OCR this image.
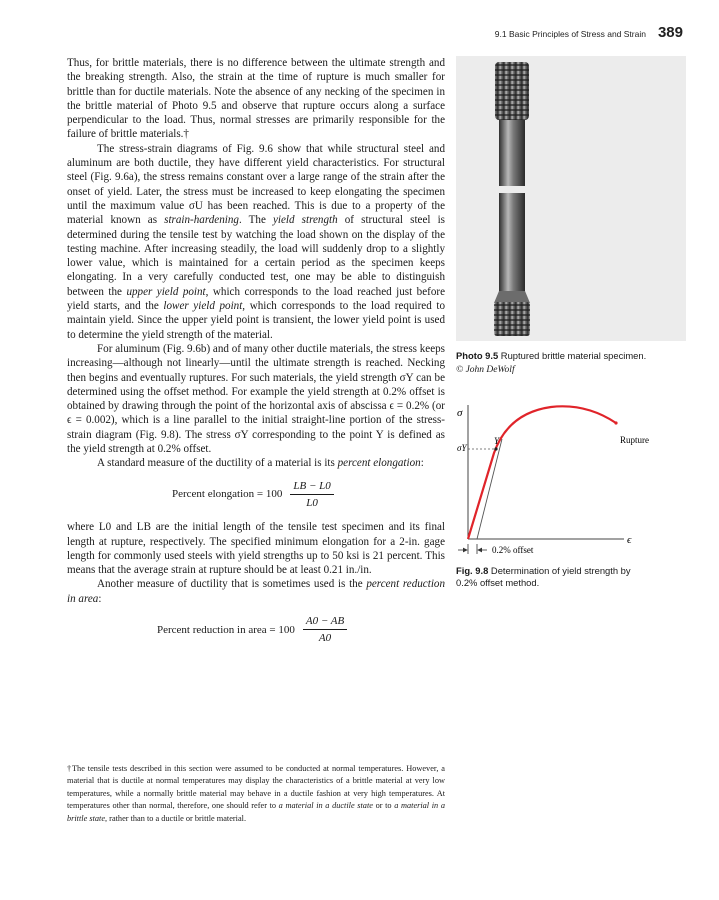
9.1 Basic Principles of Stress and Strain 389

Thus, for brittle materials, there is no difference between the ultimate strength and the breaking strength. Also, the strain at the time of rupture is much smaller for brittle than for ductile materials. Note the absence of any necking of the specimen in the brittle material of Photo 9.5 and observe that rupture occurs along a surface perpendicular to the load. Thus, normal stresses are primarily responsible for the failure of brittle materials.†

The stress-strain diagrams of Fig. 9.6 show that while structural steel and aluminum are both ductile, they have different yield characteristics. For structural steel (Fig. 9.6a), the stress remains constant over a large range of the strain after the onset of yield. Later, the stress must be increased to keep elongating the specimen until the maximum value σU has been reached. This is due to a property of the material known as strain-hardening. The yield strength of structural steel is determined during the tensile test by watching the load shown on the display of the testing machine. After increasing steadily, the load will suddenly drop to a slightly lower value, which is maintained for a certain period as the specimen keeps elongating. In a very carefully conducted test, one may be able to distinguish between the upper yield point, which corresponds to the load reached just before yield starts, and the lower yield point, which corresponds to the load required to maintain yield. Since the upper yield point is transient, the lower yield point is used to determine the yield strength of the material.

For aluminum (Fig. 9.6b) and of many other ductile materials, the stress keeps increasing—although not linearly—until the ultimate strength is reached. Necking then begins and eventually ruptures. For such materials, the yield strength σY can be determined using the offset method. For example the yield strength at 0.2% offset is obtained by drawing through the point of the horizontal axis of abscissa ϵ = 0.2% (or ϵ = 0.002), which is a line parallel to the initial straight-line portion of the stress-strain diagram (Fig. 9.8). The stress σY corresponding to the point Y is defined as the yield strength at 0.2% offset.

A standard measure of the ductility of a material is its percent elongation:

Percent elongation = $100 \frac{LB - L0}{L0}$

where L0 and LB are the initial length of the tensile test specimen and its final length at rupture, respectively. The specified minimum elongation for a 2-in. gage length for commonly used steels with yield strengths up to 50 ksi is 21 percent. This means that the average strain at rupture should be at least 0.21 in./in.

Another measure of ductility that is sometimes used is the percent reduction in area:

Percent reduction in area = $100 \frac{A0 - AB}{A0}$
†The tensile tests described in this section were assumed to be conducted at normal temperatures. However, a material that is ductile at normal temperatures may display the characteristics of a brittle material at very low temperatures, while a normally brittle material may behave in a ductile fashion at very high temperatures. At temperatures other than normal, therefore, one should refer to a material in a ductile state or to a material in a brittle state, rather than to a ductile or brittle material.
Photo 9.5 Ruptured brittle material specimen.
© John DeWolf
σ
ϵ
σY
Y	Rupture
0.2% offset
Fig. 9.8 Determination of yield strength by 0.2% offset method.
